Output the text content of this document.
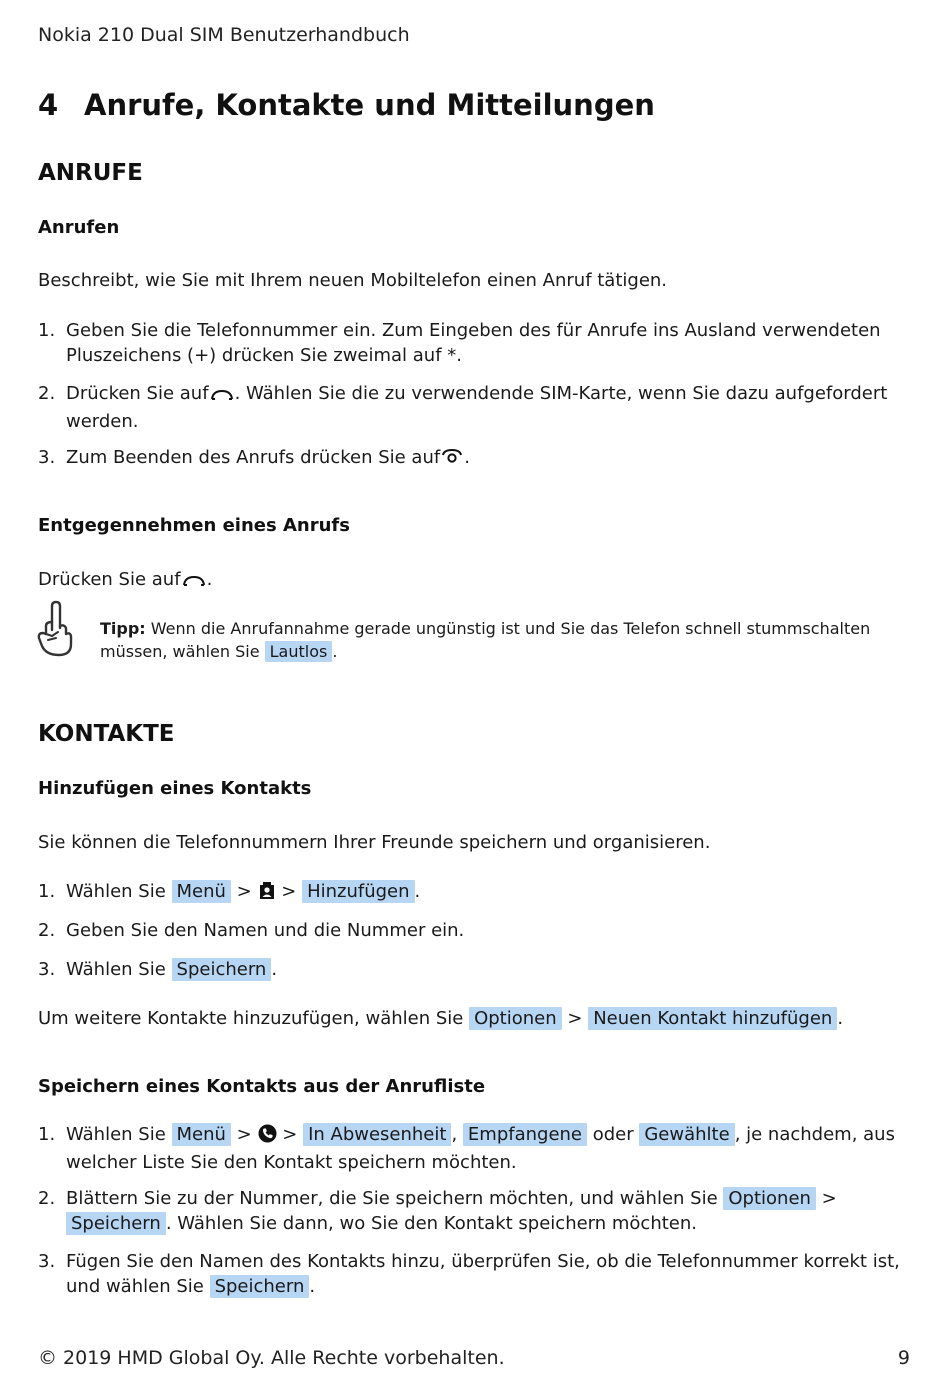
Nokia 210 Dual SIM Benutzerhandbuch
4 Anrufe, Kontakte und Mitteilungen
ANRUFE
Anrufen
Beschreibt, wie Sie mit Ihrem neuen Mobiltelefon einen Anruf tätigen.
1. Geben Sie die Telefonnummer ein. Zum Eingeben des für Anrufe ins Ausland verwendeten Pluszeichens (+) drücken Sie zweimal auf *.
2. Drücken Sie auf . Wählen Sie die zu verwendende SIM-Karte, wenn Sie dazu aufgefordert werden.
3. Zum Beenden des Anrufs drücken Sie auf .
Entgegennehmen eines Anrufs
Drücken Sie auf .
Tipp: Wenn die Anrufannahme gerade ungünstig ist und Sie das Telefon schnell stummschalten müssen, wählen Sie Lautlos .
KONTAKTE
Hinzufügen eines Kontakts
Sie können die Telefonnummern Ihrer Freunde speichern und organisieren.
1. Wählen Sie Menü > > Hinzufügen .
2. Geben Sie den Namen und die Nummer ein.
3. Wählen Sie Speichern .
Um weitere Kontakte hinzuzufügen, wählen Sie Optionen > Neuen Kontakt hinzufügen .
Speichern eines Kontakts aus der Anrufliste
1. Wählen Sie Menü > > In Abwesenheit , Empfangene oder Gewählte , je nachdem, aus welcher Liste Sie den Kontakt speichern möchten.
2. Blättern Sie zu der Nummer, die Sie speichern möchten, und wählen Sie Optionen > Speichern . Wählen Sie dann, wo Sie den Kontakt speichern möchten.
3. Fügen Sie den Namen des Kontakts hinzu, überprüfen Sie, ob die Telefonnummer korrekt ist, und wählen Sie Speichern .
© 2019 HMD Global Oy. Alle Rechte vorbehalten.	9
